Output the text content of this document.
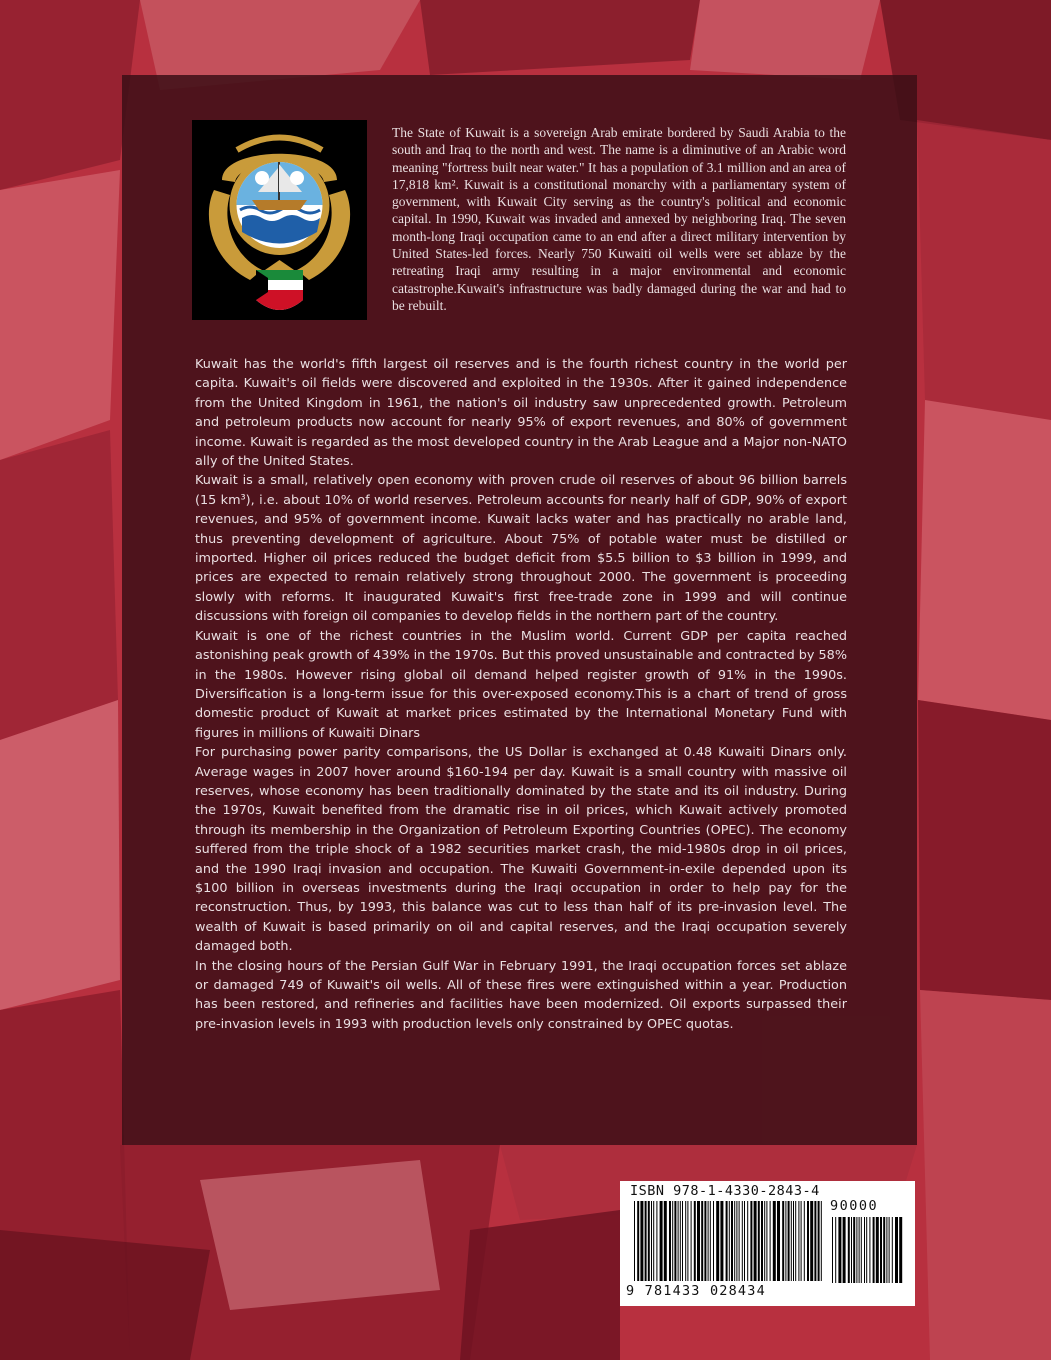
The State of Kuwait is a sovereign Arab emirate bordered by Saudi Arabia to the south and Iraq to the north and west. The name is a diminutive of an Arabic word meaning "fortress built near water." It has a population of 3.1 million and an area of 17,818 km². Kuwait is a constitutional monarchy with a parliamentary system of government, with Kuwait City serving as the country's political and economic capital. In 1990, Kuwait was invaded and annexed by neighboring Iraq. The seven month-long Iraqi occupation came to an end after a direct military intervention by United States-led forces. Nearly 750 Kuwaiti oil wells were set ablaze by the retreating Iraqi army resulting in a major environmental and economic catastrophe.Kuwait's infrastructure was badly damaged during the war and had to be rebuilt.

Kuwait has the world's fifth largest oil reserves and is the fourth richest country in the world per capita. Kuwait's oil fields were discovered and exploited in the 1930s. After it gained independence from the United Kingdom in 1961, the nation's oil industry saw unprecedented growth. Petroleum and petroleum products now account for nearly 95% of export revenues, and 80% of government income. Kuwait is regarded as the most developed country in the Arab League and a Major non-NATO ally of the United States.

Kuwait is a small, relatively open economy with proven crude oil reserves of about 96 billion barrels (15 km³), i.e. about 10% of world reserves. Petroleum accounts for nearly half of GDP, 90% of export revenues, and 95% of government income. Kuwait lacks water and has practically no arable land, thus preventing development of agriculture. About 75% of potable water must be distilled or imported. Higher oil prices reduced the budget deficit from $5.5 billion to $3 billion in 1999, and prices are expected to remain relatively strong throughout 2000. The government is proceeding slowly with reforms. It inaugurated Kuwait's first free-trade zone in 1999 and will continue discussions with foreign oil companies to develop fields in the northern part of the country.

Kuwait is one of the richest countries in the Muslim world. Current GDP per capita reached astonishing peak growth of 439% in the 1970s. But this proved unsustainable and contracted by 58% in the 1980s. However rising global oil demand helped register growth of 91% in the 1990s. Diversification is a long-term issue for this over-exposed economy.This is a chart of trend of gross domestic product of Kuwait at market prices estimated by the International Monetary Fund with figures in millions of Kuwaiti Dinars

For purchasing power parity comparisons, the US Dollar is exchanged at 0.48 Kuwaiti Dinars only. Average wages in 2007 hover around $160-194 per day. Kuwait is a small country with massive oil reserves, whose economy has been traditionally dominated by the state and its oil industry. During the 1970s, Kuwait benefited from the dramatic rise in oil prices, which Kuwait actively promoted through its membership in the Organization of Petroleum Exporting Countries (OPEC). The economy suffered from the triple shock of a 1982 securities market crash, the mid-1980s drop in oil prices, and the 1990 Iraqi invasion and occupation. The Kuwaiti Government-in-exile depended upon its $100 billion in overseas investments during the Iraqi occupation in order to help pay for the reconstruction. Thus, by 1993, this balance was cut to less than half of its pre-invasion level. The wealth of Kuwait is based primarily on oil and capital reserves, and the Iraqi occupation severely damaged both.

In the closing hours of the Persian Gulf War in February 1991, the Iraqi occupation forces set ablaze or damaged 749 of Kuwait's oil wells. All of these fires were extinguished within a year. Production has been restored, and refineries and facilities have been modernized. Oil exports surpassed their pre-invasion levels in 1993 with production levels only constrained by OPEC quotas.

ISBN 978-1-4330-2843-4
90000
9 781433 028434
